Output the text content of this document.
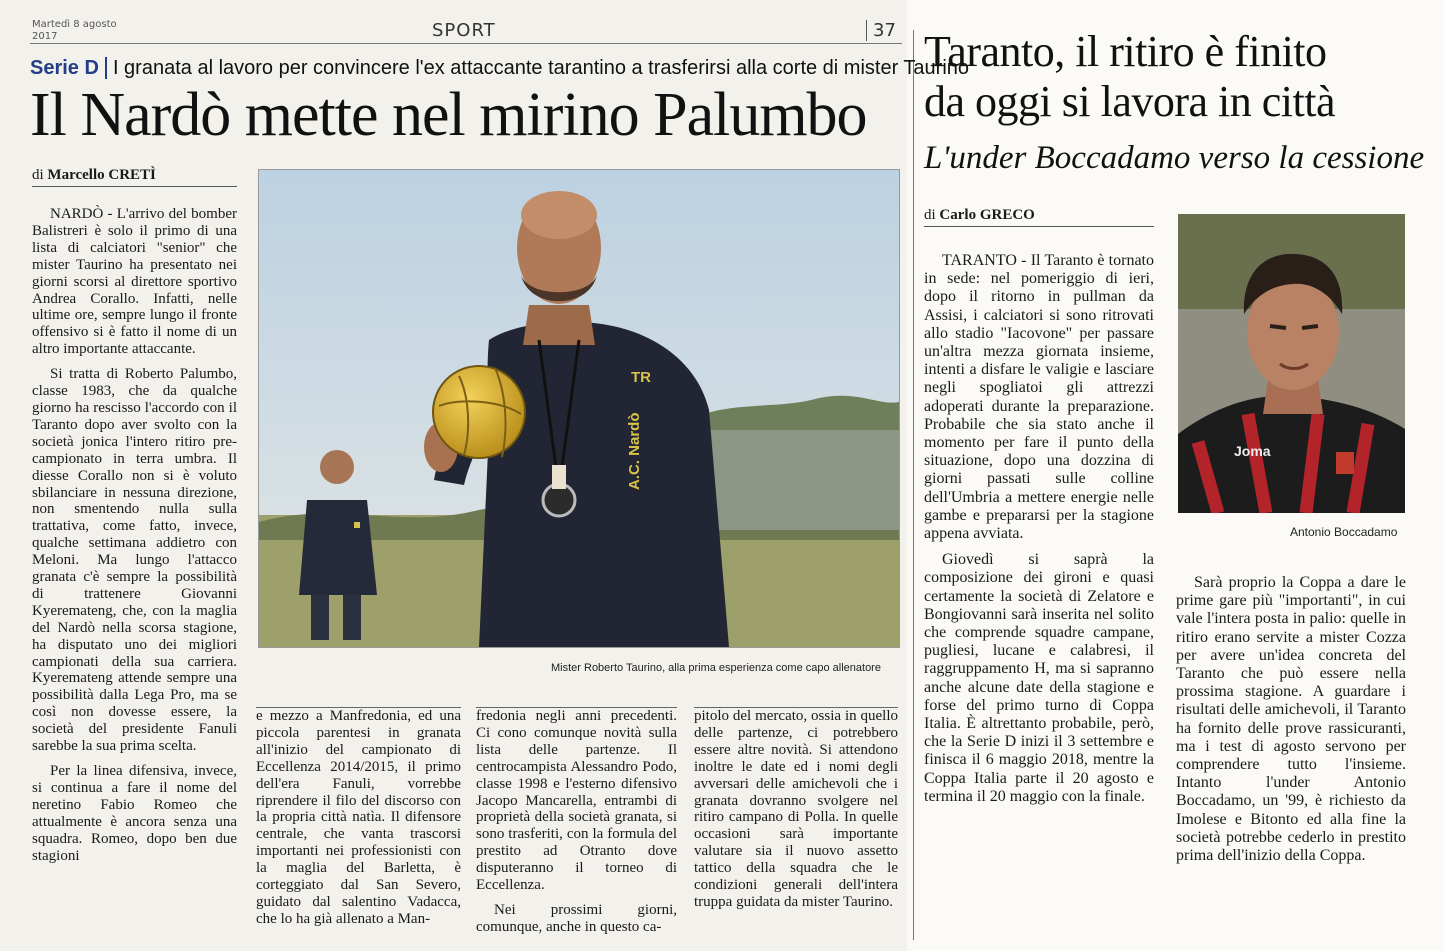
Martedì 8 agosto
2017	SPORT	37
Serie D I granata al lavoro per convincere l'ex attaccante tarantino a trasferirsi alla corte di mister Taurino
Il Nardò mette nel mirino Palumbo
di Marcello CRETÌ

NARDÒ - L'arrivo del bomber Balistreri è solo il primo di una lista di calciatori "senior" che mister Taurino ha presentato nei giorni scorsi al direttore sportivo Andrea Corallo. Infatti, nelle ultime ore, sempre lungo il fronte offensivo si è fatto il nome di un altro importante attaccante.

Si tratta di Roberto Palumbo, classe 1983, che da qualche giorno ha rescisso l'accordo con il Taranto dopo aver svolto con la società jonica l'intero ritiro pre-campionato in terra umbra. Il diesse Corallo non si è voluto sbilanciare in nessuna direzione, non smentendo nulla sulla trattativa, come fatto, invece, qualche settimana addietro con Meloni. Ma lungo l'attacco granata c'è sempre la possibilità di trattenere Giovanni Kyeremateng, che, con la maglia del Nardò nella scorsa stagione, ha disputato uno dei migliori campionati della sua carriera. Kyeremateng attende sempre una possibilità dalla Lega Pro, ma se così non dovesse essere, la società del presidente Fanuli sarebbe la sua prima scelta.

Per la linea difensiva, invece, si continua a fare il nome del neretino Fabio Romeo che attualmente è ancora senza una squadra. Romeo, dopo ben due stagioni

TR
A.C. Nardò
Mister Roberto Taurino, alla prima esperienza come capo allenatore

e mezzo a Manfredonia, ed una piccola parentesi in granata all'inizio del campionato di Eccellenza 2014/2015, il primo dell'era Fanuli, vorrebbe riprendere il filo del discorso con la propria città natìa. Il difensore centrale, che vanta trascorsi importanti nei professionisti con la maglia del Barletta, è corteggiato dal San Severo, guidato dal salentino Vadacca, che lo ha già allenato a Man-

fredonia negli anni precedenti. Ci cono comunque novità sulla lista delle partenze. Il centrocampista Alessandro Podo, classe 1998 e l'esterno difensivo Jacopo Mancarella, entrambi di proprietà della società granata, si sono trasferiti, con la formula del prestito ad Otranto dove disputeranno il torneo di Eccellenza.

Nei prossimi giorni, comunque, anche in questo ca-

pitolo del mercato, ossia in quello delle partenze, ci potrebbero essere altre novità. Si attendono inoltre le date ed i nomi degli avversari delle amichevoli che i granata dovranno svolgere nel ritiro campano di Polla. In quelle occasioni sarà importante valutare sia il nuovo assetto tattico della squadra che le condizioni generali dell'intera truppa guidata da mister Taurino.

Taranto, il ritiro è finito
da oggi si lavora in città
L'under Boccadamo verso la cessione
di Carlo GRECO

TARANTO - Il Taranto è tornato in sede: nel pomeriggio di ieri, dopo il ritorno in pullman da Assisi, i calciatori si sono ritrovati allo stadio "Iacovone" per passare un'altra mezza giornata insieme, intenti a disfare le valigie e lasciare negli spogliatoi gli attrezzi adoperati durante la preparazione. Probabile che sia stato anche il momento per fare il punto della situazione, dopo una dozzina di giorni passati sulle colline dell'Umbria a mettere energie nelle gambe e prepararsi per la stagione appena avviata.

Giovedì si saprà la composizione dei gironi e quasi certamente la società di Zelatore e Bongiovanni sarà inserita nel solito che comprende squadre campane, pugliesi, lucane e calabresi, il raggruppamento H, ma si sapranno anche alcune date della stagione e forse del primo turno di Coppa Italia. È altrettanto probabile, però, che la Serie D inizi il 3 settembre e finisca il 6 maggio 2018, mentre la Coppa Italia parte il 20 agosto e termina il 20 maggio con la finale.

Joma
Antonio Boccadamo

Sarà proprio la Coppa a dare le prime gare più "importanti", in cui vale l'intera posta in palio: quelle in ritiro erano servite a mister Cozza per avere un'idea concreta del Taranto che può essere nella prossima stagione. A guardare i risultati delle amichevoli, il Taranto ha fornito delle prove rassicuranti, ma i test di agosto servono per comprendere tutto l'insieme. Intanto l'under Antonio Boccadamo, un '99, è richiesto da Imolese e Bitonto ed alla fine la società potrebbe cederlo in prestito prima dell'inizio della Coppa.
